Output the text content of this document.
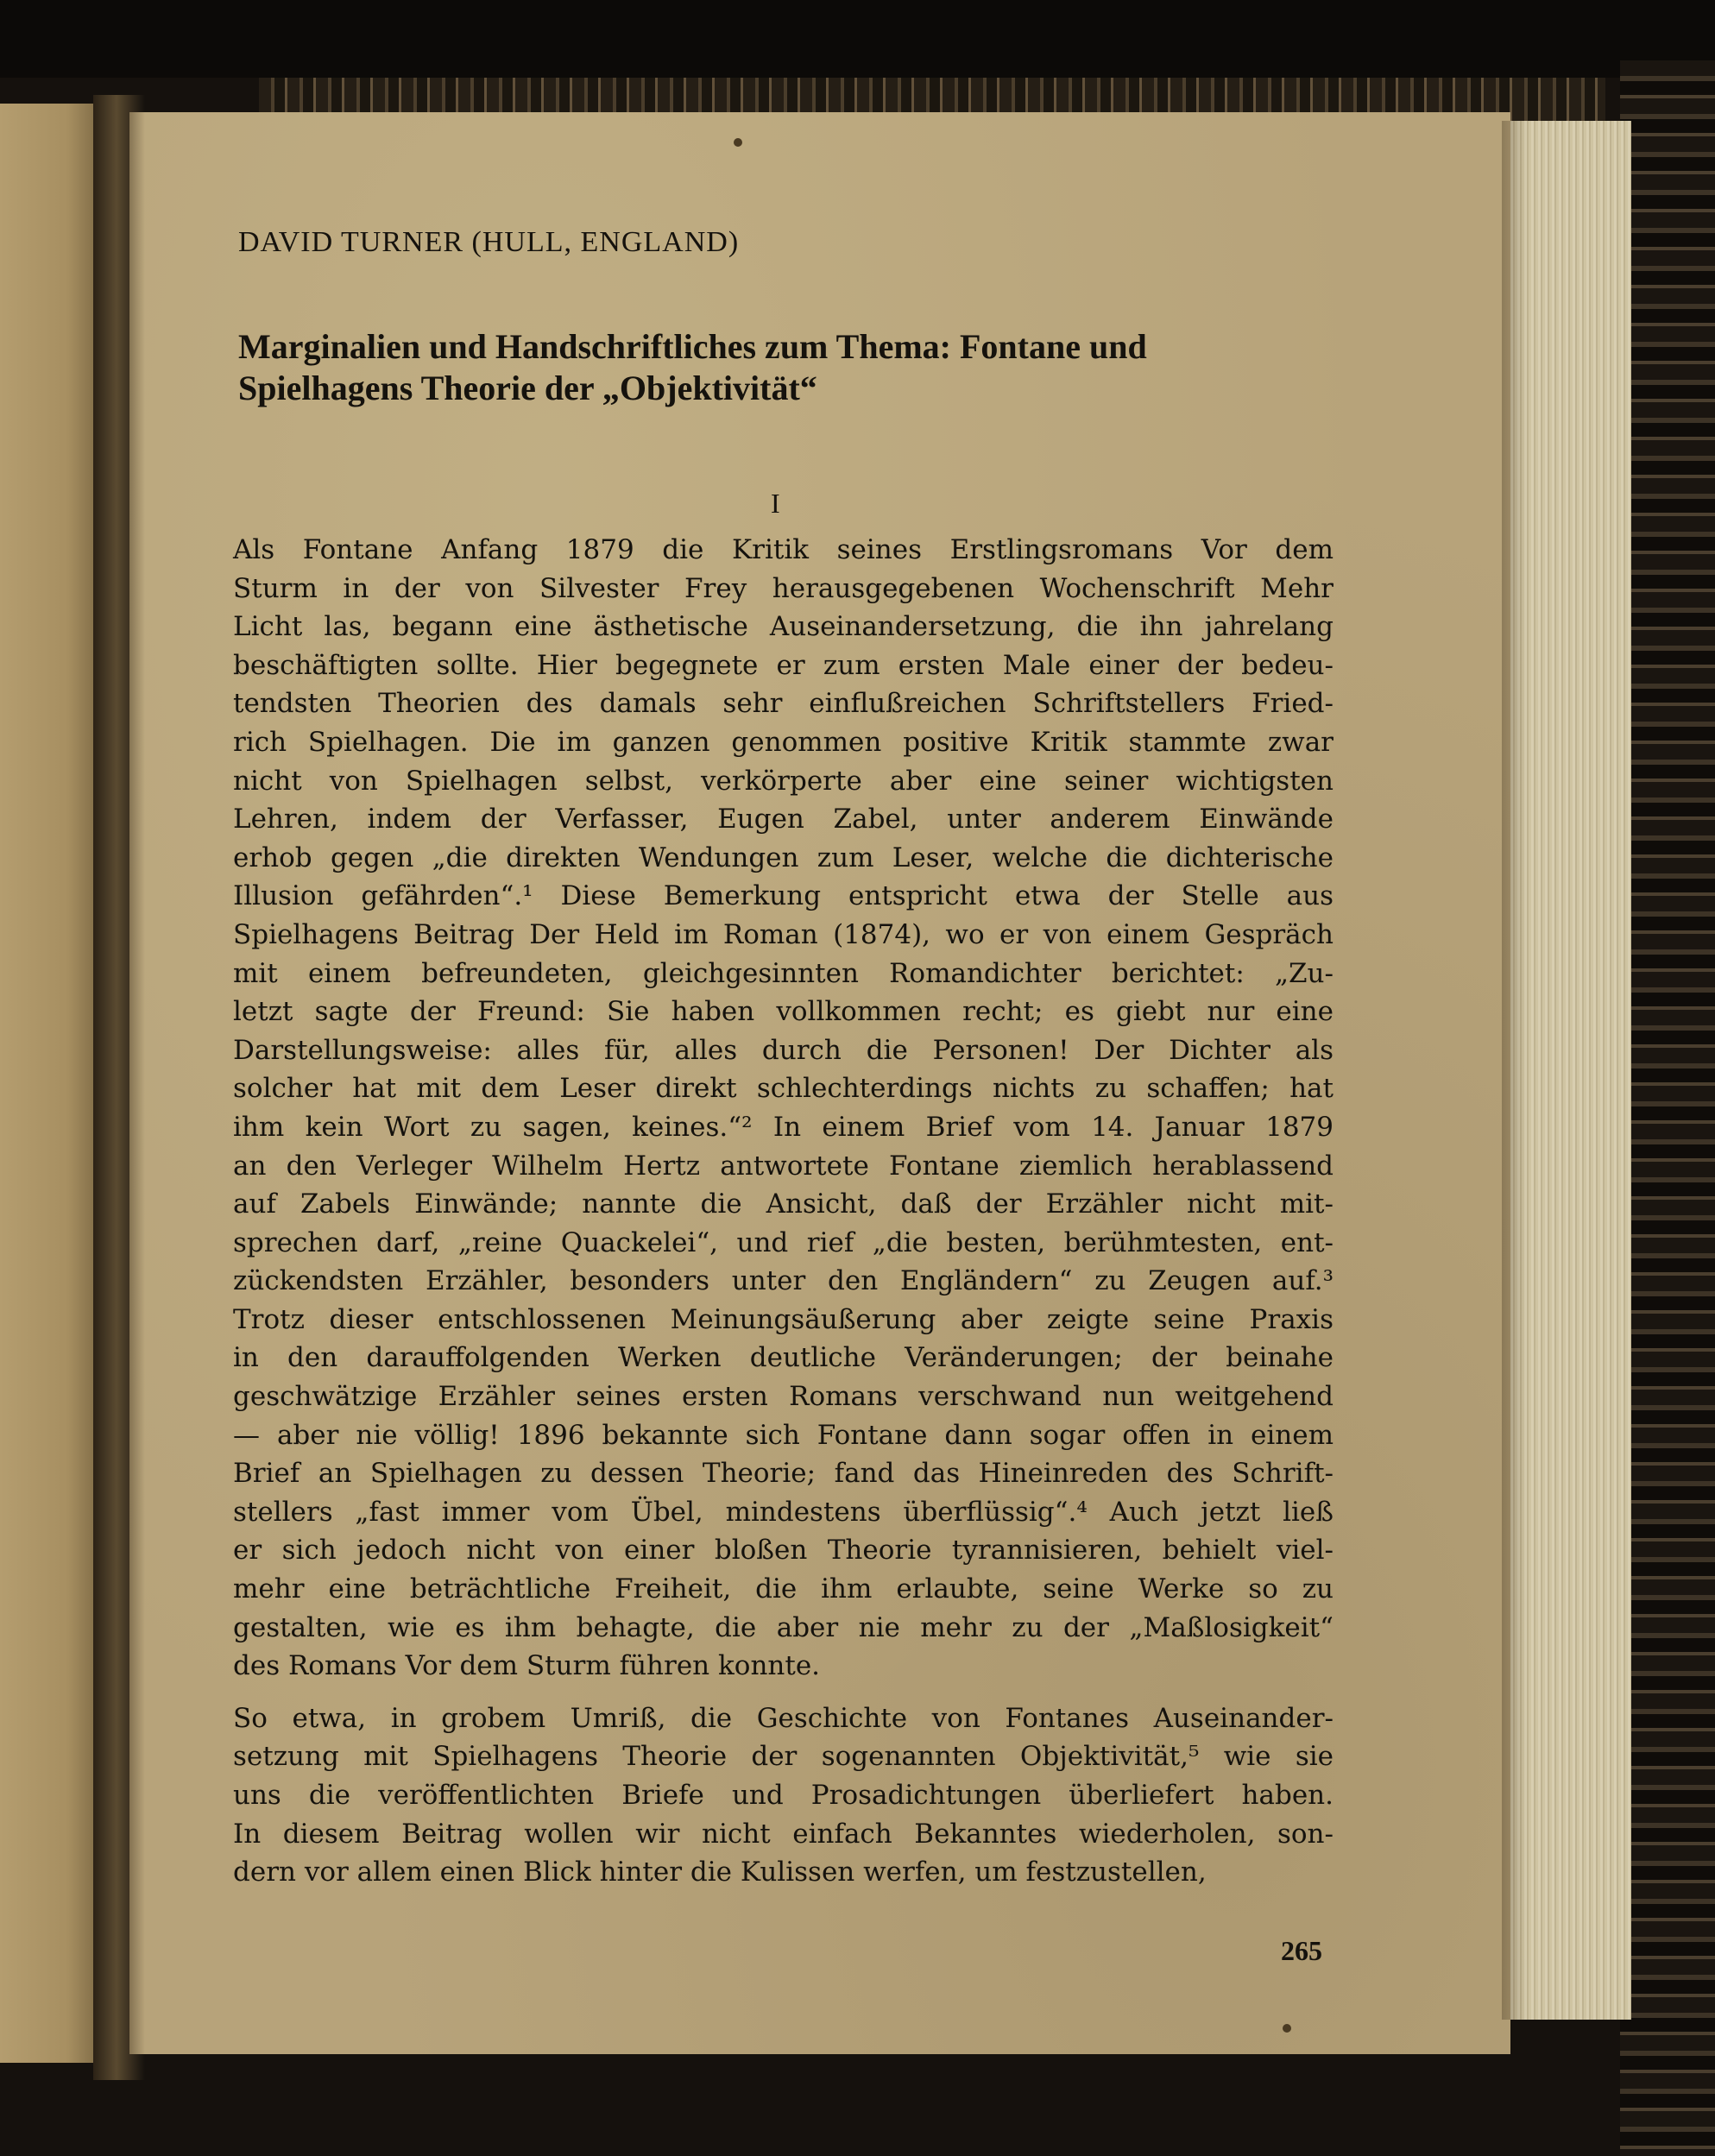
DAVID TURNER (HULL, ENGLAND)
Marginalien und Handschriftliches zum Thema: Fontane und
Spielhagens Theorie der „Objektivität“
I
Als Fontane Anfang 1879 die Kritik seines Erstlingsromans Vor dem
Sturm in der von Silvester Frey herausgegebenen Wochenschrift Mehr
Licht las, begann eine ästhetische Auseinandersetzung, die ihn jahrelang
beschäftigten sollte. Hier begegnete er zum ersten Male einer der bedeu-
tendsten Theorien des damals sehr einflußreichen Schriftstellers Fried-
rich Spielhagen. Die im ganzen genommen positive Kritik stammte zwar
nicht von Spielhagen selbst, verkörperte aber eine seiner wichtigsten
Lehren, indem der Verfasser, Eugen Zabel, unter anderem Einwände
erhob gegen „die direkten Wendungen zum Leser, welche die dichterische
Illusion gefährden“.¹ Diese Bemerkung entspricht etwa der Stelle aus
Spielhagens Beitrag Der Held im Roman (1874), wo er von einem Gespräch
mit einem befreundeten, gleichgesinnten Romandichter berichtet: „Zu-
letzt sagte der Freund: Sie haben vollkommen recht; es giebt nur eine
Darstellungsweise: alles für, alles durch die Personen! Der Dichter als
solcher hat mit dem Leser direkt schlechterdings nichts zu schaffen; hat
ihm kein Wort zu sagen, keines.“² In einem Brief vom 14. Januar 1879
an den Verleger Wilhelm Hertz antwortete Fontane ziemlich herablassend
auf Zabels Einwände; nannte die Ansicht, daß der Erzähler nicht mit-
sprechen darf, „reine Quackelei“, und rief „die besten, berühmtesten, ent-
zückendsten Erzähler, besonders unter den Engländern“ zu Zeugen auf.³
Trotz dieser entschlossenen Meinungsäußerung aber zeigte seine Praxis
in den darauffolgenden Werken deutliche Veränderungen; der beinahe
geschwätzige Erzähler seines ersten Romans verschwand nun weitgehend
— aber nie völlig! 1896 bekannte sich Fontane dann sogar offen in einem
Brief an Spielhagen zu dessen Theorie; fand das Hineinreden des Schrift-
stellers „fast immer vom Übel, mindestens überflüssig“.⁴ Auch jetzt ließ
er sich jedoch nicht von einer bloßen Theorie tyrannisieren, behielt viel-
mehr eine beträchtliche Freiheit, die ihm erlaubte, seine Werke so zu
gestalten, wie es ihm behagte, die aber nie mehr zu der „Maßlosigkeit“
des Romans Vor dem Sturm führen konnte.
So etwa, in grobem Umriß, die Geschichte von Fontanes Auseinander-
setzung mit Spielhagens Theorie der sogenannten Objektivität,⁵ wie sie
uns die veröffentlichten Briefe und Prosadichtungen überliefert haben.
In diesem Beitrag wollen wir nicht einfach Bekanntes wiederholen, son-
dern vor allem einen Blick hinter die Kulissen werfen, um festzustellen,
265
